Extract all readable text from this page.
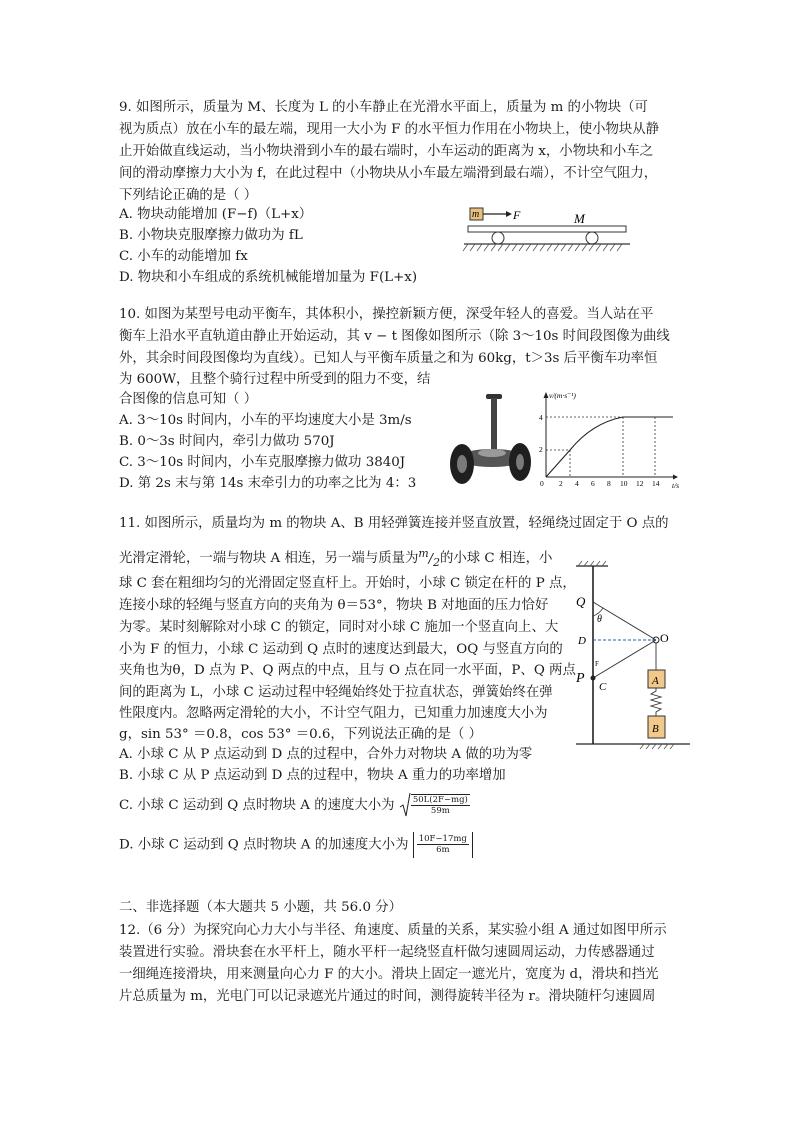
9. 如图所示，质量为 M、长度为 L 的小车静止在光滑水平面上，质量为 m 的小物块（可
视为质点）放在小车的最左端，现用一大小为 F 的水平恒力作用在小物块上，使小物块从静
止开始做直线运动，当小物块滑到小车的最右端时，小车运动的距离为 x，小物块和小车之
间的滑动摩擦力大小为 f，在此过程中（小物块从小车最左端滑到最右端），不计空气阻力，
下列结论正确的是（ ）
A. 物块动能增加 (F−f)（L+x）
B. 小物块克服摩擦力做功为 fL
C. 小车的动能增加 fx
D. 物块和小车组成的系统机械能增加量为 F(L+x)
m	F	M
10. 如图为某型号电动平衡车，其体积小，操控新颖方便，深受年轻人的喜爱。当人站在平
衡车上沿水平直轨道由静止开始运动，其 v − t 图像如图所示（除 3～10s 时间段图像为曲线
外，其余时间段图像均为直线）。已知人与平衡车质量之和为 60kg，t＞3s 后平衡车功率恒
为 600W，且整个骑行过程中所受到的阻力不变，结
合图像的信息可知（ ）
A. 3～10s 时间内，小车的平均速度大小是 3m/s
B. 0～3s 时间内，牵引力做功 570J
C. 3～10s 时间内，小车克服摩擦力做功 3840J
D. 第 2s 末与第 14s 末牵引力的功率之比为 4：3
v/(m·s⁻¹)
t/s
0
2
4
2 4 6 8 10 12 14
11. 如图所示，质量均为 m 的物块 A、B 用轻弹簧连接并竖直放置，轻绳绕过固定于 O 点的
光滑定滑轮，一端与物块 A 相连，另一端与质量为$^m/_2$的小球 C 相连，小
球 C 套在粗细均匀的光滑固定竖直杆上。开始时，小球 C 锁定在杆的 P 点，
连接小球的轻绳与竖直方向的夹角为 θ＝53°，物块 B 对地面的压力恰好
为零。某时刻解除对小球 C 的锁定，同时对小球 C 施加一个竖直向上、大
小为 F 的恒力，小球 C 运动到 Q 点时的速度达到最大，OQ 与竖直方向的
夹角也为θ，D 点为 P、Q 两点的中点，且与 O 点在同一水平面，P、Q 两点
间的距离为 L，小球 C 运动过程中轻绳始终处于拉直状态，弹簧始终在弹
性限度内。忽略两定滑轮的大小，不计空气阻力，已知重力加速度大小为
g，sin 53° ＝0.8，cos 53° ＝0.6，下列说法正确的是（ ）
A. 小球 C 从 P 点运动到 D 点的过程中，合外力对物块 A 做的功为零
B. 小球 C 从 P 点运动到 D 点的过程中，物块 A 重力的功率增加
C. 小球 C 运动到 Q 点时物块 A 的速度大小为 $\frac{50L(2F-mg)}{59m}$
D. 小球 C 运动到 Q 点时物块 A 的加速度大小为 $\frac{10F-17mg}{6m}$
O
θ
Q
D
P
C
F
A
B
二、非选择题（本大题共 5 小题，共 56.0 分）
12.（6 分）为探究向心力大小与半径、角速度、质量的关系，某实验小组 A 通过如图甲所示
装置进行实验。滑块套在水平杆上，随水平杆一起绕竖直杆做匀速圆周运动，力传感器通过
一细绳连接滑块，用来测量向心力 F 的大小。滑块上固定一遮光片，宽度为 d，滑块和挡光
片总质量为 m，光电门可以记录遮光片通过的时间，测得旋转半径为 r。滑块随杆匀速圆周
